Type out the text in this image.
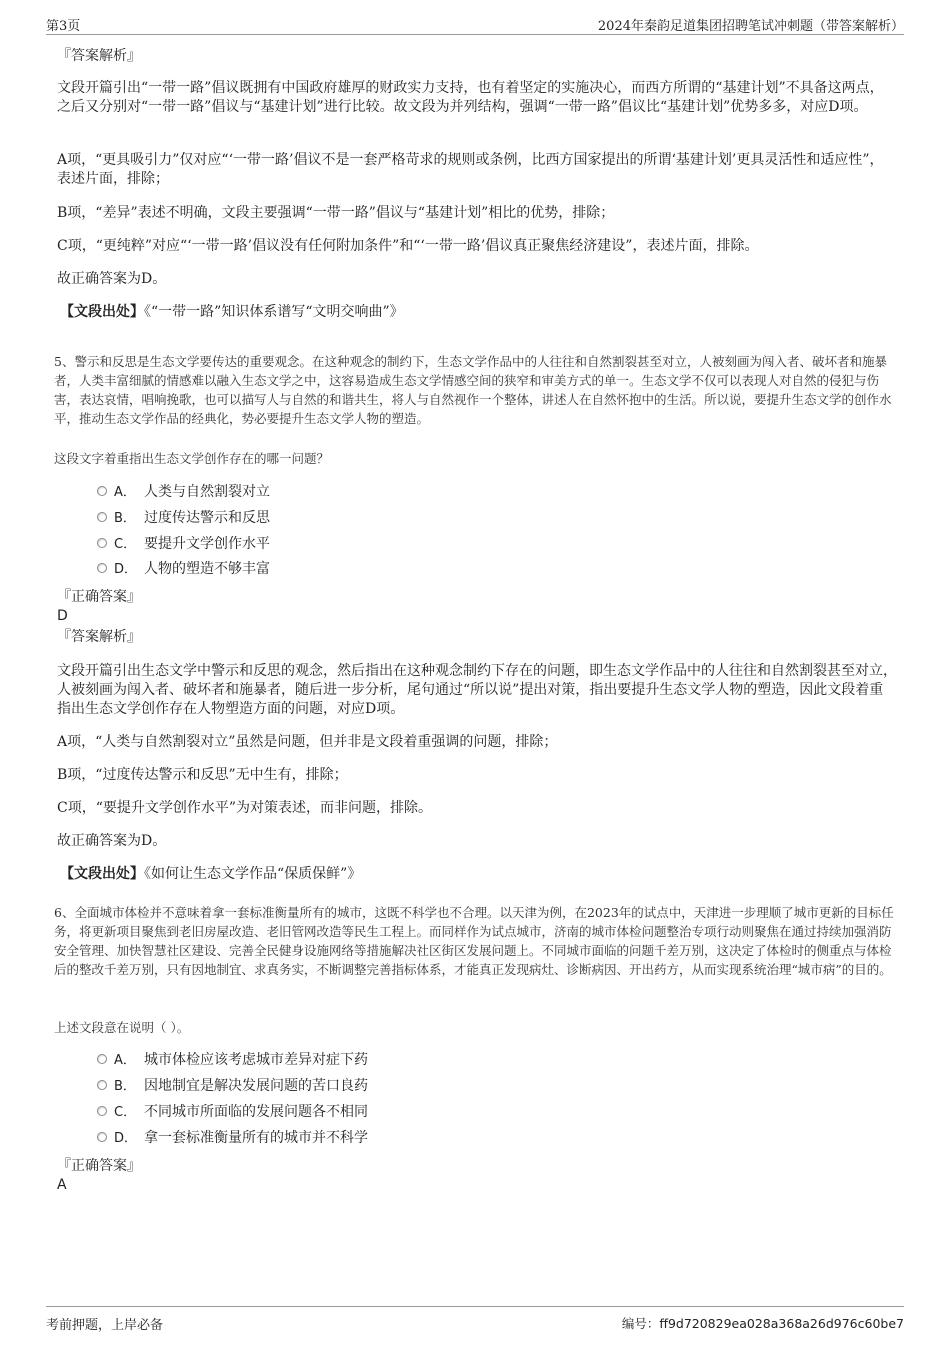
第3页	2024年秦韵足道集团招聘笔试冲刺题（带答案解析）
『答案解析』
文段开篇引出“一带一路”倡议既拥有中国政府雄厚的财政实力支持，也有着坚定的实施决心，而西方所谓的“基建计划”不具备这两点，之后又分别对“一带一路”倡议与“基建计划”进行比较。故文段为并列结构，强调“一带一路”倡议比“基建计划”优势多多，对应D项。
A项，“更具吸引力”仅对应“‘一带一路’倡议不是一套严格苛求的规则或条例，比西方国家提出的所谓‘基建计划’更具灵活性和适应性”，表述片面，排除；
B项，“差异”表述不明确，文段主要强调“一带一路”倡议与“基建计划”相比的优势，排除；
C项，“更纯粹”对应“‘一带一路’倡议没有任何附加条件”和“‘一带一路’倡议真正聚焦经济建设”，表述片面，排除。
故正确答案为D。
【文段出处】《“一带一路”知识体系谱写“文明交响曲”》
5、警示和反思是生态文学要传达的重要观念。在这种观念的制约下，生态文学作品中的人往往和自然割裂甚至对立，人被刻画为闯入者、破坏者和施暴者，人类丰富细腻的情感难以融入生态文学之中，这容易造成生态文学情感空间的狭窄和审美方式的单一。生态文学不仅可以表现人对自然的侵犯与伤害，表达哀情，唱响挽歌，也可以描写人与自然的和谐共生，将人与自然视作一个整体，讲述人在自然怀抱中的生活。所以说，要提升生态文学的创作水平，推动生态文学作品的经典化，势必要提升生态文学人物的塑造。
这段文字着重指出生态文学创作存在的哪一问题？
A． 人类与自然割裂对立
B． 过度传达警示和反思
C． 要提升文学创作水平
D． 人物的塑造不够丰富
『正确答案』
D
『答案解析』
文段开篇引出生态文学中警示和反思的观念，然后指出在这种观念制约下存在的问题，即生态文学作品中的人往往和自然割裂甚至对立，人被刻画为闯入者、破坏者和施暴者，随后进一步分析，尾句通过“所以说”提出对策，指出要提升生态文学人物的塑造，因此文段着重指出生态文学创作存在人物塑造方面的问题，对应D项。
A项，“人类与自然割裂对立”虽然是问题，但并非是文段着重强调的问题，排除；
B项，“过度传达警示和反思”无中生有，排除；
C项，“要提升文学创作水平”为对策表述，而非问题，排除。
故正确答案为D。
【文段出处】《如何让生态文学作品“保质保鲜”》
6、全面城市体检并不意味着拿一套标准衡量所有的城市，这既不科学也不合理。以天津为例，在2023年的试点中，天津进一步理顺了城市更新的目标任务，将更新项目聚焦到老旧房屋改造、老旧管网改造等民生工程上。而同样作为试点城市，济南的城市体检问题整治专项行动则聚焦在通过持续加强消防安全管理、加快智慧社区建设、完善全民健身设施网络等措施解决社区街区发展问题上。不同城市面临的问题千差万别，这决定了体检时的侧重点与体检后的整改千差万别，只有因地制宜、求真务实，不断调整完善指标体系，才能真正发现病灶、诊断病因、开出药方，从而实现系统治理“城市病”的目的。
上述文段意在说明（ ）。
A． 城市体检应该考虑城市差异对症下药
B． 因地制宜是解决发展问题的苦口良药
C． 不同城市所面临的发展问题各不相同
D． 拿一套标准衡量所有的城市并不科学
『正确答案』
A
考前押题，上岸必备	编号：ff9d720829ea028a368a26d976c60be7
